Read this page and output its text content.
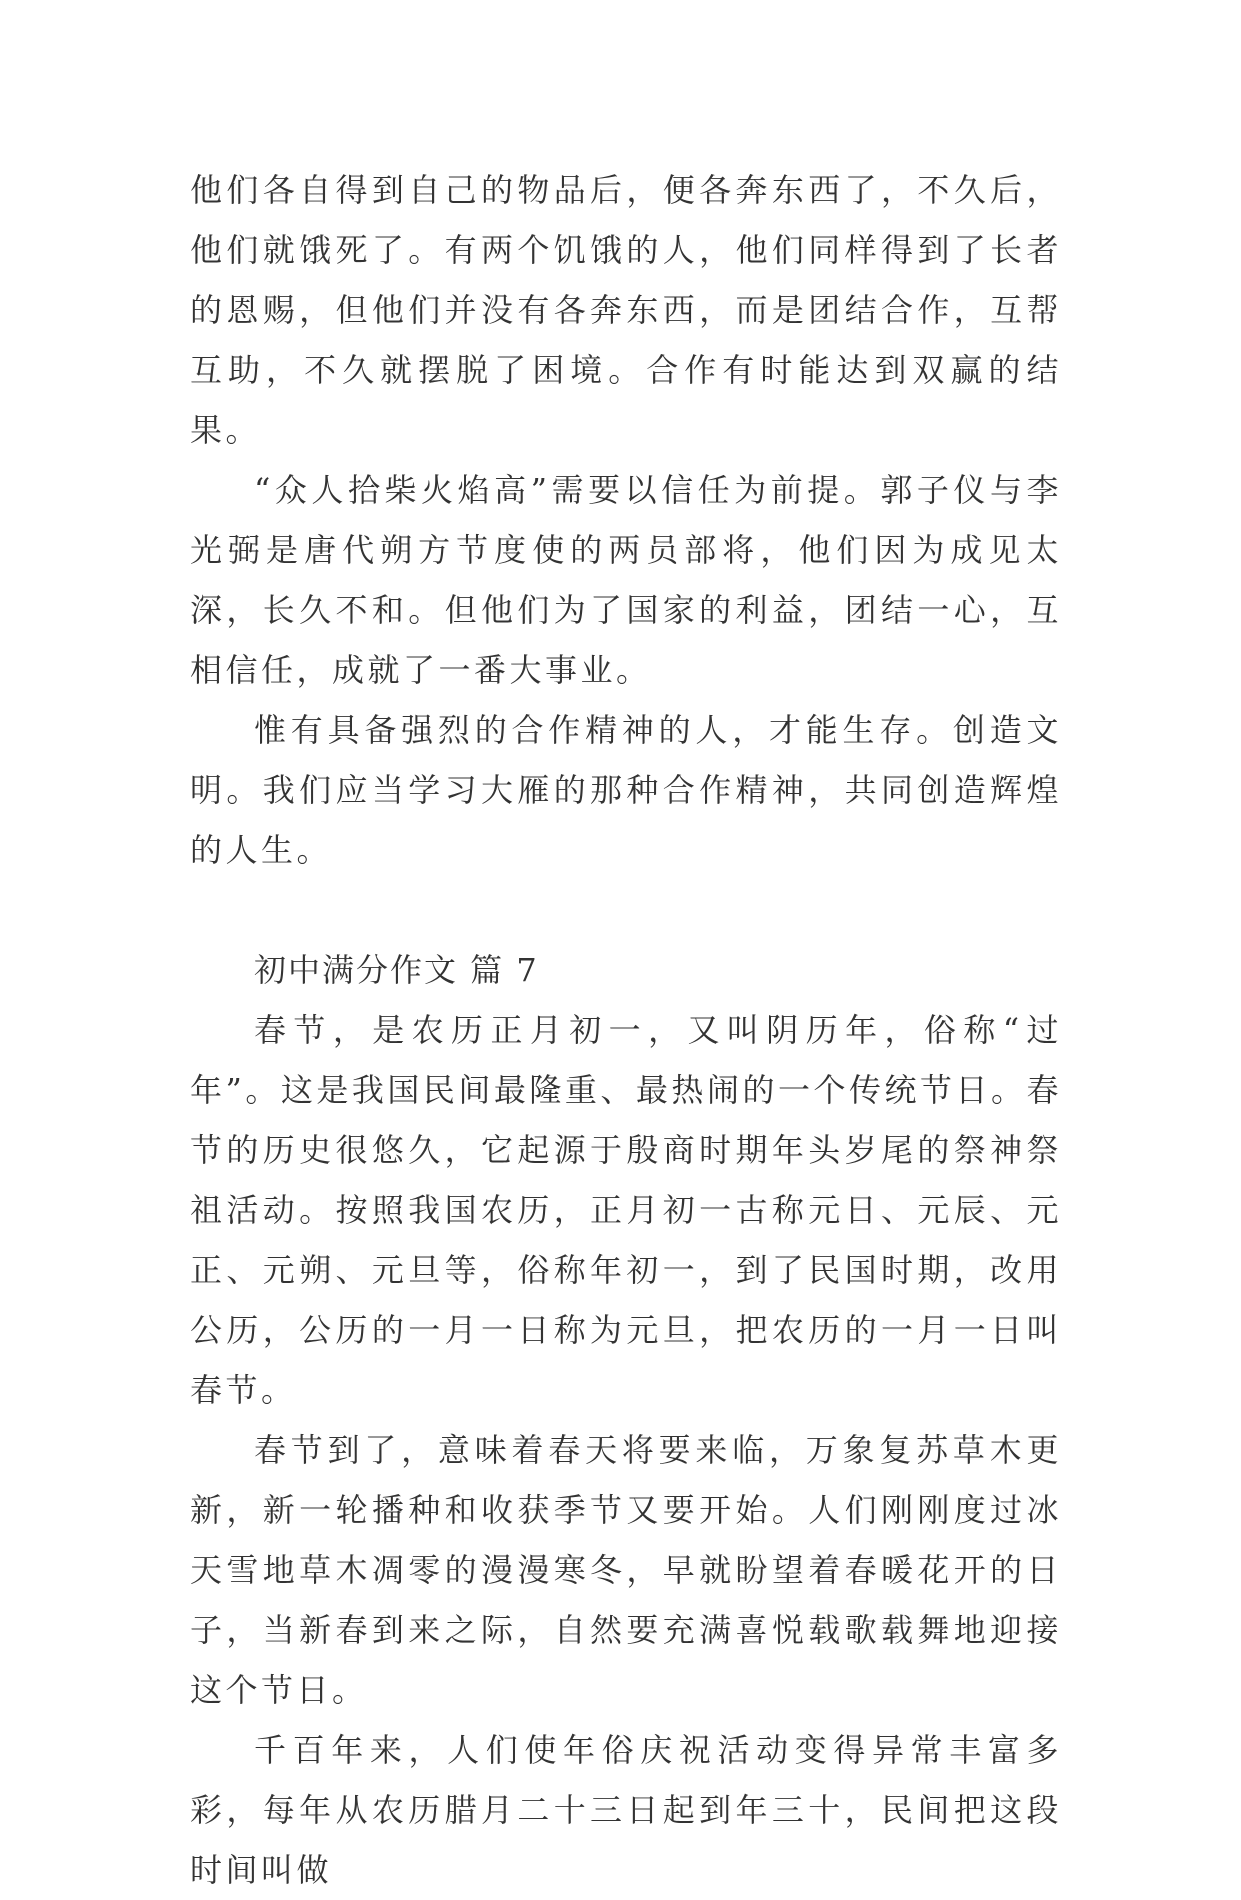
他们各自得到自己的物品后，便各奔东西了，不久后，他们就饿死了。有两个饥饿的人，他们同样得到了长者的恩赐，但他们并没有各奔东西，而是团结合作，互帮互助，不久就摆脱了困境。合作有时能达到双赢的结果。

“众人拾柴火焰高”需要以信任为前提。郭子仪与李光弼是唐代朔方节度使的两员部将，他们因为成见太深，长久不和。但他们为了国家的利益，团结一心，互相信任，成就了一番大事业。

惟有具备强烈的合作精神的人，才能生存。创造文明。我们应当学习大雁的那种合作精神，共同创造辉煌的人生。

初中满分作文 篇 7

春节，是农历正月初一，又叫阴历年，俗称“过年”。这是我国民间最隆重、最热闹的一个传统节日。春节的历史很悠久，它起源于殷商时期年头岁尾的祭神祭祖活动。按照我国农历，正月初一古称元日、元辰、元正、元朔、元旦等，俗称年初一，到了民国时期，改用公历，公历的一月一日称为元旦，把农历的一月一日叫春节。

春节到了，意味着春天将要来临，万象复苏草木更新，新一轮播种和收获季节又要开始。人们刚刚度过冰天雪地草木凋零的漫漫寒冬，早就盼望着春暖花开的日子，当新春到来之际，自然要充满喜悦载歌载舞地迎接这个节日。

千百年来，人们使年俗庆祝活动变得异常丰富多彩，每年从农历腊月二十三日起到年三十，民间把这段时间叫做
